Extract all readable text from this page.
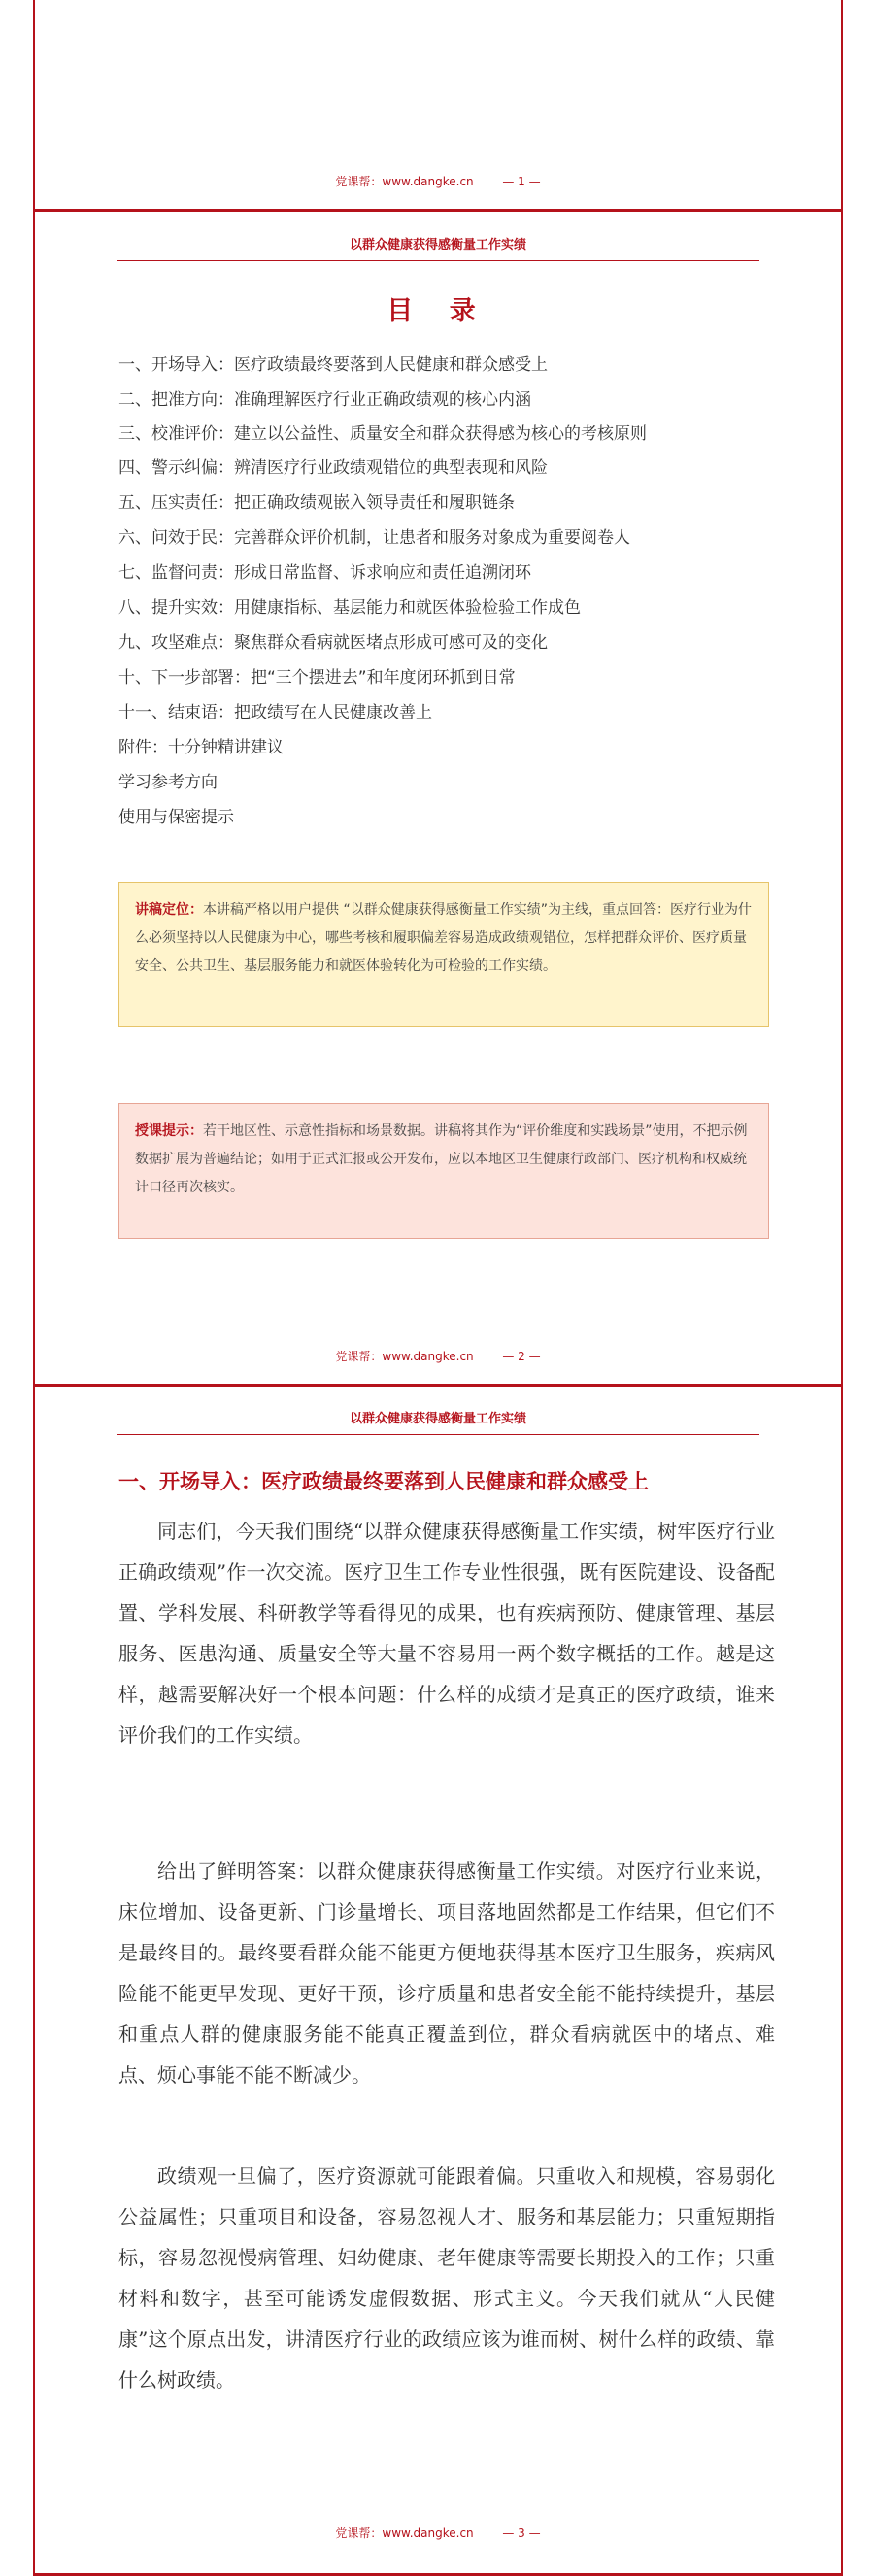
党课帮：www.dangke.cn — 1 —
以群众健康获得感衡量工作实绩
目 录
一、开场导入：医疗政绩最终要落到人民健康和群众感受上
二、把准方向：准确理解医疗行业正确政绩观的核心内涵
三、校准评价：建立以公益性、质量安全和群众获得感为核心的考核原则
四、警示纠偏：辨清医疗行业政绩观错位的典型表现和风险
五、压实责任：把正确政绩观嵌入领导责任和履职链条
六、问效于民：完善群众评价机制，让患者和服务对象成为重要阅卷人
七、监督问责：形成日常监督、诉求响应和责任追溯闭环
八、提升实效：用健康指标、基层能力和就医体验检验工作成色
九、攻坚难点：聚焦群众看病就医堵点形成可感可及的变化
十、下一步部署：把“三个摆进去”和年度闭环抓到日常
十一、结束语：把政绩写在人民健康改善上
附件：十分钟精讲建议
学习参考方向
使用与保密提示
讲稿定位：本讲稿严格以用户提供 “以群众健康获得感衡量工作实绩”为主线，重点回答：医疗行业为什么必须坚持以人民健康为中心，哪些考核和履职偏差容易造成政绩观错位，怎样把群众评价、医疗质量安全、公共卫生、基层服务能力和就医体验转化为可检验的工作实绩。
授课提示：若干地区性、示意性指标和场景数据。讲稿将其作为“评价维度和实践场景”使用，不把示例数据扩展为普遍结论；如用于正式汇报或公开发布，应以本地区卫生健康行政部门、医疗机构和权威统计口径再次核实。
党课帮：www.dangke.cn — 2 —
以群众健康获得感衡量工作实绩
一、开场导入：医疗政绩最终要落到人民健康和群众感受上

同志们，今天我们围绕“以群众健康获得感衡量工作实绩，树牢医疗行业正确政绩观”作一次交流。医疗卫生工作专业性很强，既有医院建设、设备配置、学科发展、科研教学等看得见的成果，也有疾病预防、健康管理、基层服务、医患沟通、质量安全等大量不容易用一两个数字概括的工作。越是这样，越需要解决好一个根本问题：什么样的成绩才是真正的医疗政绩，谁来评价我们的工作实绩。

给出了鲜明答案：以群众健康获得感衡量工作实绩。对医疗行业来说，床位增加、设备更新、门诊量增长、项目落地固然都是工作结果，但它们不是最终目的。最终要看群众能不能更方便地获得基本医疗卫生服务，疾病风险能不能更早发现、更好干预，诊疗质量和患者安全能不能持续提升，基层和重点人群的健康服务能不能真正覆盖到位，群众看病就医中的堵点、难点、烦心事能不能不断减少。

政绩观一旦偏了，医疗资源就可能跟着偏。只重收入和规模，容易弱化公益属性；只重项目和设备，容易忽视人才、服务和基层能力；只重短期指标，容易忽视慢病管理、妇幼健康、老年健康等需要长期投入的工作；只重材料和数字，甚至可能诱发虚假数据、形式主义。今天我们就从“人民健康”这个原点出发，讲清医疗行业的政绩应该为谁而树、树什么样的政绩、靠什么树政绩。

党课帮：www.dangke.cn — 3 —
